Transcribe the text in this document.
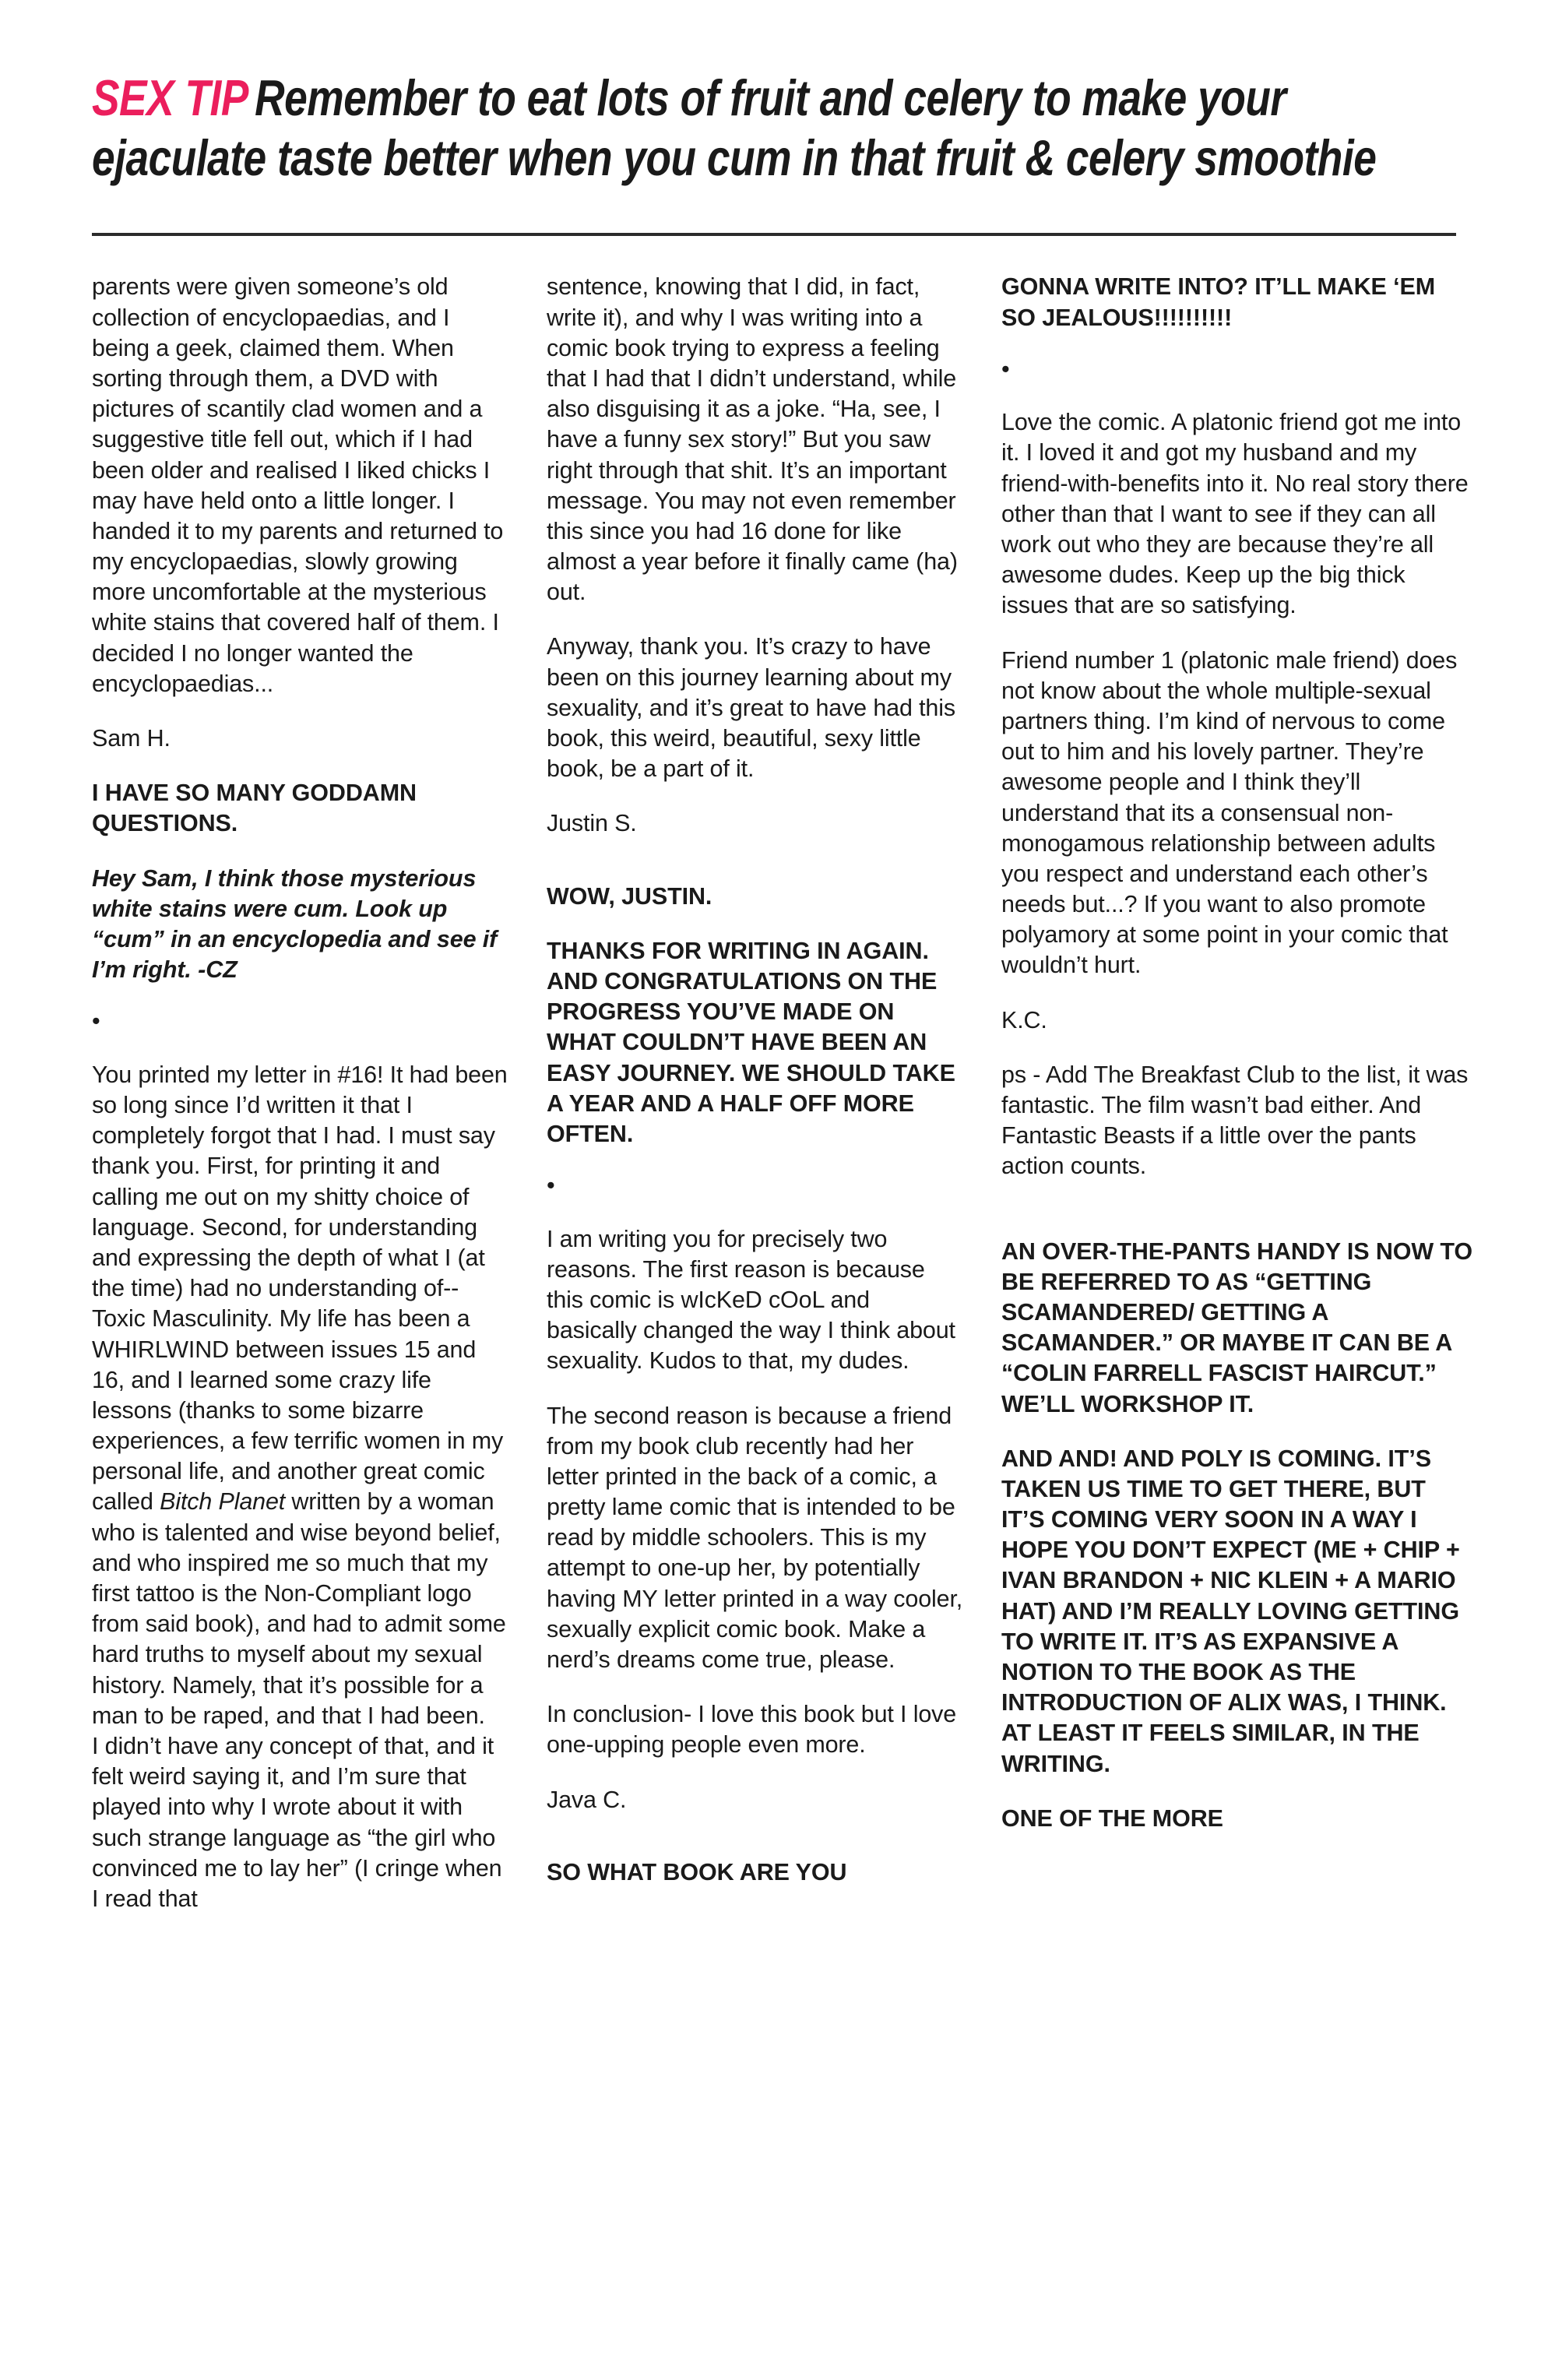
SEX TIP Remember to eat lots of fruit and celery to make your ejaculate taste better when you cum in that fruit & celery smoothie

parents were given someone’s old collection of encyclopaedias, and I being a geek, claimed them. When sorting through them, a DVD with pictures of scantily clad women and a suggestive title fell out, which if I had been older and realised I liked chicks I may have held onto a little longer. I handed it to my parents and returned to my encyclopaedias, slowly growing more uncomfortable at the mysterious white stains that covered half of them. I decided I no longer wanted the encyclopaedias...

Sam H.

I HAVE SO MANY GODDAMN QUESTIONS.

Hey Sam, I think those mysterious white stains were cum. Look up “cum” in an encyclopedia and see if I’m right. -CZ

•

You printed my letter in #16! It had been so long since I’d written it that I completely forgot that I had. I must say thank you. First, for printing it and calling me out on my shitty choice of language. Second, for understanding and expressing the depth of what I (at the time) had no understanding of--Toxic Masculinity. My life has been a WHIRLWIND between issues 15 and 16, and I learned some crazy life lessons (thanks to some bizarre experiences, a few terrific women in my personal life, and another great comic called Bitch Planet written by a woman who is talented and wise beyond belief, and who inspired me so much that my first tattoo is the Non-Compliant logo from said book), and had to admit some hard truths to myself about my sexual history. Namely, that it’s possible for a man to be raped, and that I had been.

I didn’t have any concept of that, and it felt weird saying it, and I’m sure that played into why I wrote about it with such strange language as “the girl who convinced me to lay her” (I cringe when I read that

sentence, knowing that I did, in fact, write it), and why I was writing into a comic book trying to express a feeling that I had that I didn’t understand, while also disguising it as a joke. “Ha, see, I have a funny sex story!” But you saw right through that shit. It’s an important message. You may not even remember this since you had 16 done for like almost a year before it finally came (ha) out.

Anyway, thank you. It’s crazy to have been on this journey learning about my sexuality, and it’s great to have had this book, this weird, beautiful, sexy little book, be a part of it.

Justin S.

WOW, JUSTIN.

THANKS FOR WRITING IN AGAIN. AND CONGRATULATIONS ON THE PROGRESS YOU’VE MADE ON WHAT COULDN’T HAVE BEEN AN EASY JOURNEY. WE SHOULD TAKE A YEAR AND A HALF OFF MORE OFTEN.

•

I am writing you for precisely two reasons. The first reason is because this comic is wIcKeD cOoL and basically changed the way I think about sexuality. Kudos to that, my dudes.

The second reason is because a friend from my book club recently had her letter printed in the back of a comic, a pretty lame comic that is intended to be read by middle schoolers. This is my attempt to one-up her, by potentially having MY letter printed in a way cooler, sexually explicit comic book. Make a nerd’s dreams come true, please.

In conclusion- I love this book but I love one-upping people even more.

Java C.

SO WHAT BOOK ARE YOU

GONNA WRITE INTO? IT’LL MAKE ‘EM SO JEALOUS!!!!!!!!!!

•

Love the comic. A platonic friend got me into it. I loved it and got my husband and my friend-with-benefits into it. No real story there other than that I want to see if they can all work out who they are because they’re all awesome dudes. Keep up the big thick issues that are so satisfying.

Friend number 1 (platonic male friend) does not know about the whole multiple-sexual partners thing. I’m kind of nervous to come out to him and his lovely partner. They’re awesome people and I think they’ll understand that its a consensual non-monogamous relationship between adults you respect and understand each other’s needs but...? If you want to also promote polyamory at some point in your comic that wouldn’t hurt.

K.C.

ps - Add The Breakfast Club to the list, it was fantastic. The film wasn’t bad either. And Fantastic Beasts if a little over the pants action counts.

AN OVER-THE-PANTS HANDY IS NOW TO BE REFERRED TO AS “GETTING SCAMANDERED/ GETTING A SCAMANDER.” OR MAYBE IT CAN BE A “COLIN FARRELL FASCIST HAIRCUT.” WE’LL WORKSHOP IT.

AND AND! AND POLY IS COMING. IT’S TAKEN US TIME TO GET THERE, BUT IT’S COMING VERY SOON IN A WAY I HOPE YOU DON’T EXPECT (ME + CHIP + IVAN BRANDON + NIC KLEIN + A MARIO HAT) AND I’M REALLY LOVING GETTING TO WRITE IT. IT’S AS EXPANSIVE A NOTION TO THE BOOK AS THE INTRODUCTION OF ALIX WAS, I THINK. AT LEAST IT FEELS SIMILAR, IN THE WRITING.

ONE OF THE MORE
